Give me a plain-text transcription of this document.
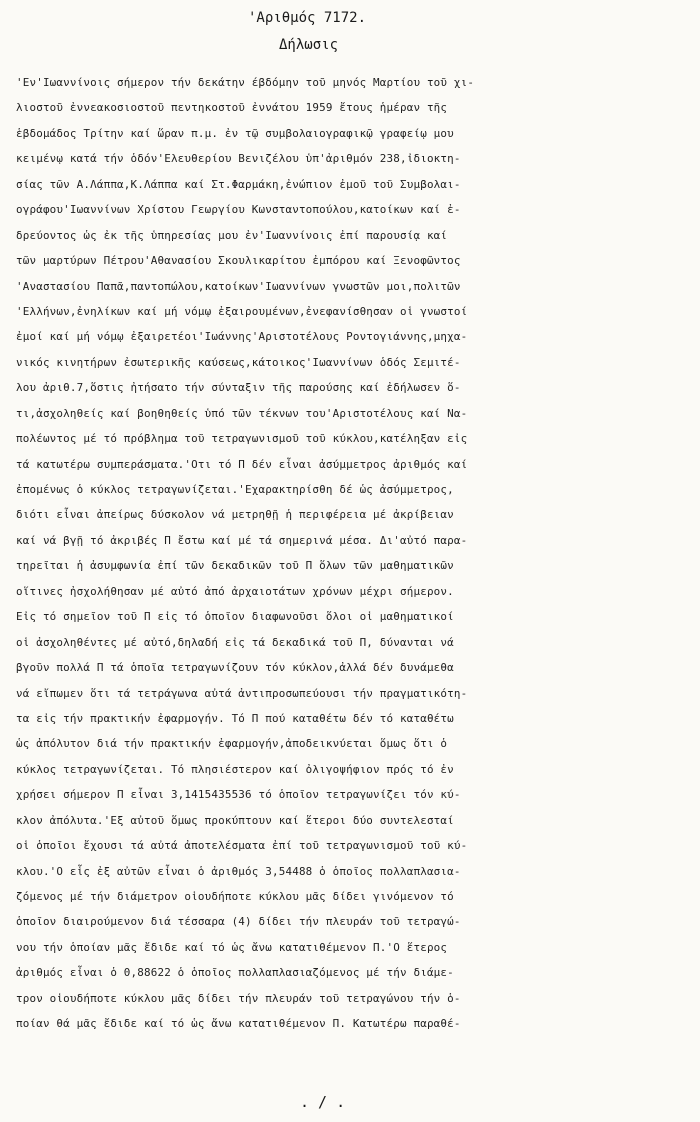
'Αριθμός 7172.
Δήλωσις
'Εν'Ιωαννίνοις σήμερον τήν δεκάτην έβδόμην τοῦ μηνός Μαρτίου τοῦ χι-
λιοστοῦ ἐννεακοσιοστοῦ πεντηκοστοῦ ἐννάτου 1959 ἔτους ἡμέραν τῆς
ἑβδομάδος Τρίτην καί ὥραν π.μ. ἐν τῷ συμβολαιογραφικῷ γραφείῳ μου
κειμένῳ κατά τήν ὁδόν'Ελευθερίου Βενιζέλου ὑπ'ἀριθμόν 238,ἰδιοκτη-
σίας τῶν Α.Λάππα,Κ.Λάππα καί Στ.Φαρμάκη,ἐνώπιον ἐμοῦ τοῦ Συμβολαι-
ογράφου'Ιωαννίνων Χρίστου Γεωργίου Κωνσταντοπούλου,κατοίκων καί ἐ-
δρεύοντος ὡς ἐκ τῆς ὑπηρεσίας μου ἐν'Ιωαννίνοις ἐπί παρουσίᾳ καί
τῶν μαρτύρων Πέτρου'Αθανασίου Σκουλικαρίτου ἐμπόρου καί Ξενοφῶντος
'Αναστασίου Παπᾶ,παντοπώλου,κατοίκων'Ιωαννίνων γνωστῶν μοι,πολιτῶν
'Ελλήνων,ἐνηλίκων καί μή νόμῳ ἐξαιρουμένων,ἐνεφανίσθησαν οἱ γνωστοί
ἐμοί καί μή νόμῳ ἐξαιρετέοι'Ιωάννης'Αριστοτέλους Ροντογιάννης,μηχα-
νικός κινητήρων ἐσωτερικῆς καύσεως,κάτοικος'Ιωαννίνων ὁδός Σεμιτέ-
λου ἀριθ.7,ὅστις ἠτήσατο τήν σύνταξιν τῆς παρούσης καί ἐδήλωσεν ὅ-
τι,ἀσχοληθείς καί βοηθηθείς ὑπό τῶν τέκνων του'Αριστοτέλους καί Να-
πολέωντος μέ τό πρόβλημα τοῦ τετραγωνισμοῦ τοῦ κύκλου,κατέληξαν εἰς
τά κατωτέρω συμπεράσματα.'Οτι τό Π δέν εἶναι ἀσύμμετρος ἀριθμός καί
ἐπομένως ὁ κύκλος τετραγωνίζεται.'Εχαρακτηρίσθη δέ ὡς ἀσύμμετρος,
διότι εἶναι ἀπείρως δύσκολον νά μετρηθῇ ἡ περιφέρεια μέ ἀκρίβειαν
καί νά βγῇ τό ἀκριβές Π ἔστω καί μέ τά σημερινά μέσα. Δι'αὐτό παρα-
τηρεῖται ἡ ἀσυμφωνία ἐπί τῶν δεκαδικῶν τοῦ Π ὅλων τῶν μαθηματικῶν
οἵτινες ἠσχολήθησαν μέ αὐτό ἀπό ἀρχαιοτάτων χρόνων μέχρι σήμερον.
Εἰς τό σημεῖον τοῦ Π εἰς τό ὁποῖον διαφωνοῦσι ὅλοι οἱ μαθηματικοί
οἱ ἀσχοληθέντες μέ αὐτό,δηλαδή εἰς τά δεκαδικά τοῦ Π, δύνανται νά
βγοῦν πολλά Π τά ὁποῖα τετραγωνίζουν τόν κύκλον,ἀλλά δέν δυνάμεθα
νά εἴπωμεν ὅτι τά τετράγωνα αὐτά ἀντιπροσωπεύουσι τήν πραγματικότη-
τα εἰς τήν πρακτικήν ἐφαρμογήν. Τό Π πού καταθέτω δέν τό καταθέτω
ὡς ἀπόλυτον διά τήν πρακτικήν ἐφαρμογήν,ἀποδεικνύεται ὅμως ὅτι ὁ
κύκλος τετραγωνίζεται. Τό πλησιέστερον καί ὀλιγοψήφιον πρός τό ἐν
χρήσει σήμερον Π εἶναι 3,1415435536 τό ὁποῖον τετραγωνίζει τόν κύ-
κλον ἀπόλυτα.'Εξ αὐτοῦ ὅμως προκύπτουν καί ἕτεροι δύο συντελεσταί
οἱ ὁποῖοι ἔχουσι τά αὐτά ἀποτελέσματα ἐπί τοῦ τετραγωνισμοῦ τοῦ κύ-
κλου.'Ο εἷς ἐξ αὐτῶν εἶναι ὁ ἀριθμός 3,54488 ὁ ὁποῖος πολλαπλασια-
ζόμενος μέ τήν διάμετρον οἱουδήποτε κύκλου μᾶς δίδει γινόμενον τό
ὁποῖον διαιρούμενον διά τέσσαρα (4) δίδει τήν πλευράν τοῦ τετραγώ-
νου τήν ὁποίαν μᾶς ἔδιδε καί τό ὡς ἄνω κατατιθέμενον Π.'Ο ἕτερος
ἀριθμός εἶναι ὁ 0,88622 ὁ ὁποῖος πολλαπλασιαζόμενος μέ τήν διάμε-
τρον οἱουδήποτε κύκλου μᾶς δίδει τήν πλευράν τοῦ τετραγώνου τήν ὁ-
ποίαν θά μᾶς ἔδιδε καί τό ὡς ἄνω κατατιθέμενον Π. Κατωτέρω παραθέ-
. / .
